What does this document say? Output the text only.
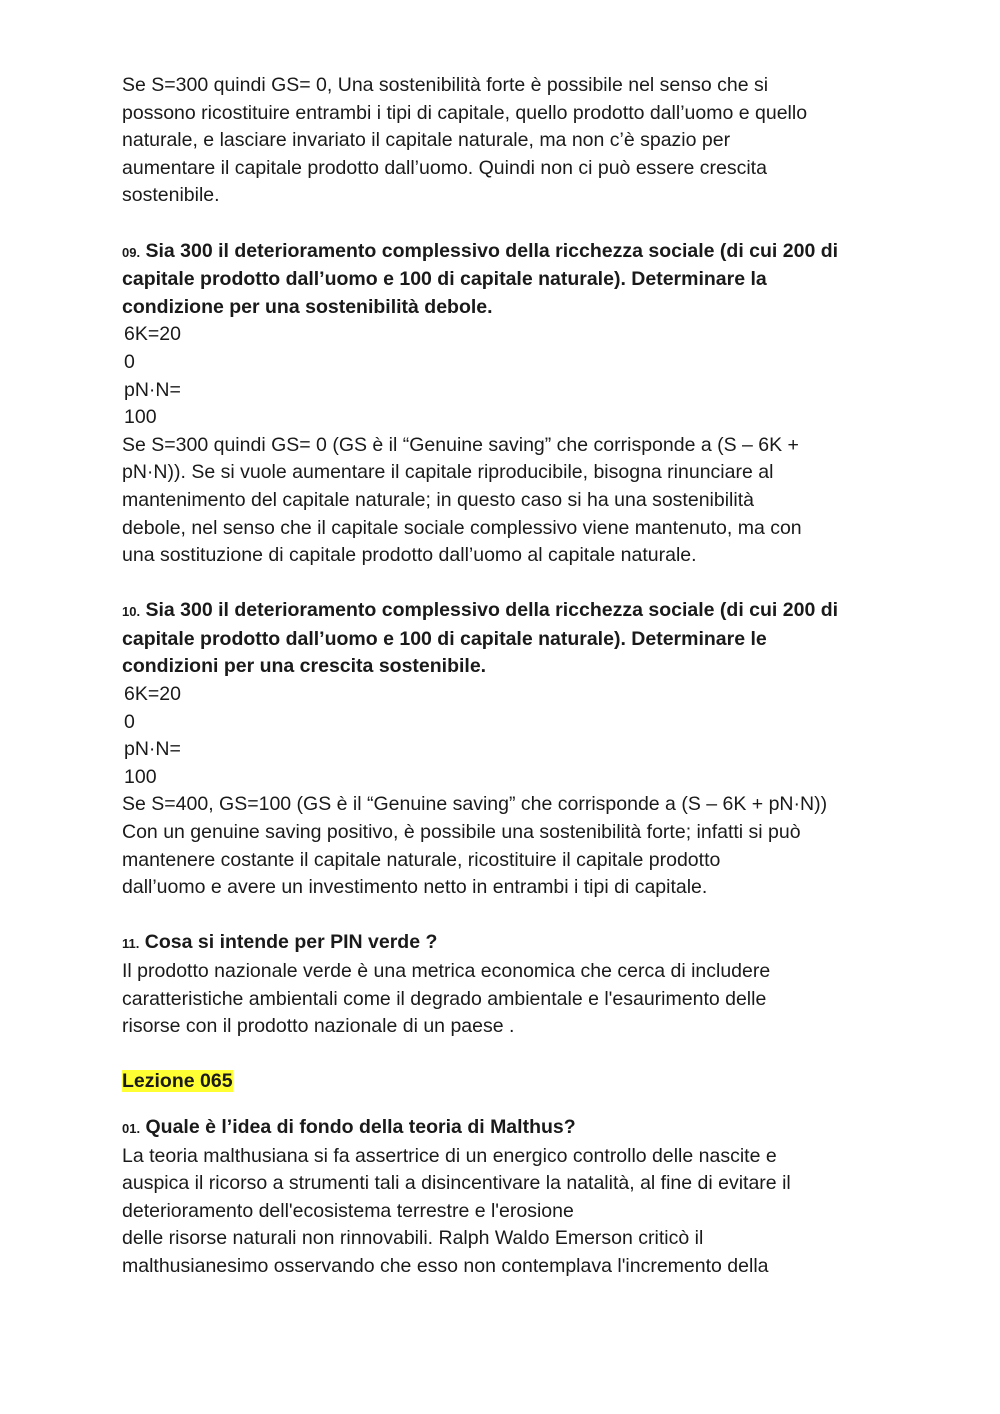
Se S=300 quindi GS= 0, Una sostenibilità forte è possibile nel senso che si
possono ricostituire entrambi i tipi di capitale, quello prodotto dall’uomo e quello
naturale, e lasciare invariato il capitale naturale, ma non c’è spazio per
aumentare il capitale prodotto dall’uomo. Quindi non ci può essere crescita
sostenibile.
09. Sia 300 il deterioramento complessivo della ricchezza sociale (di cui 200 di
capitale prodotto dall’uomo e 100 di capitale naturale). Determinare la
condizione per una sostenibilità debole.
6K=20
0
pN·N=
100
Se S=300 quindi GS= 0 (GS è il “Genuine saving” che corrisponde a (S – 6K +
pN·N)). Se si vuole aumentare il capitale riproducibile, bisogna rinunciare al
mantenimento del capitale naturale; in questo caso si ha una sostenibilità
debole, nel senso che il capitale sociale complessivo viene mantenuto, ma con
una sostituzione di capitale prodotto dall’uomo al capitale naturale.
10. Sia 300 il deterioramento complessivo della ricchezza sociale (di cui 200 di
capitale prodotto dall’uomo e 100 di capitale naturale). Determinare le
condizioni per una crescita sostenibile.
6K=20
0
pN·N=
100
Se S=400, GS=100 (GS è il “Genuine saving” che corrisponde a (S – 6K + pN·N))
Con un genuine saving positivo, è possibile una sostenibilità forte; infatti si può
mantenere costante il capitale naturale, ricostituire il capitale prodotto
dall’uomo e avere un investimento netto in entrambi i tipi di capitale.
11. Cosa si intende per PIN verde ?
Il prodotto nazionale verde è una metrica economica che cerca di includere
caratteristiche ambientali come il degrado ambientale e l'esaurimento delle
risorse con il prodotto nazionale di un paese .
Lezione 065
01. Quale è l’idea di fondo della teoria di Malthus?
La teoria malthusiana si fa assertrice di un energico controllo delle nascite e
auspica il ricorso a strumenti tali a disincentivare la natalità, al fine di evitare il
deterioramento dell'ecosistema terrestre e l'erosione
delle risorse naturali non rinnovabili. Ralph Waldo Emerson criticò il
malthusianesimo osservando che esso non contemplava l'incremento della
